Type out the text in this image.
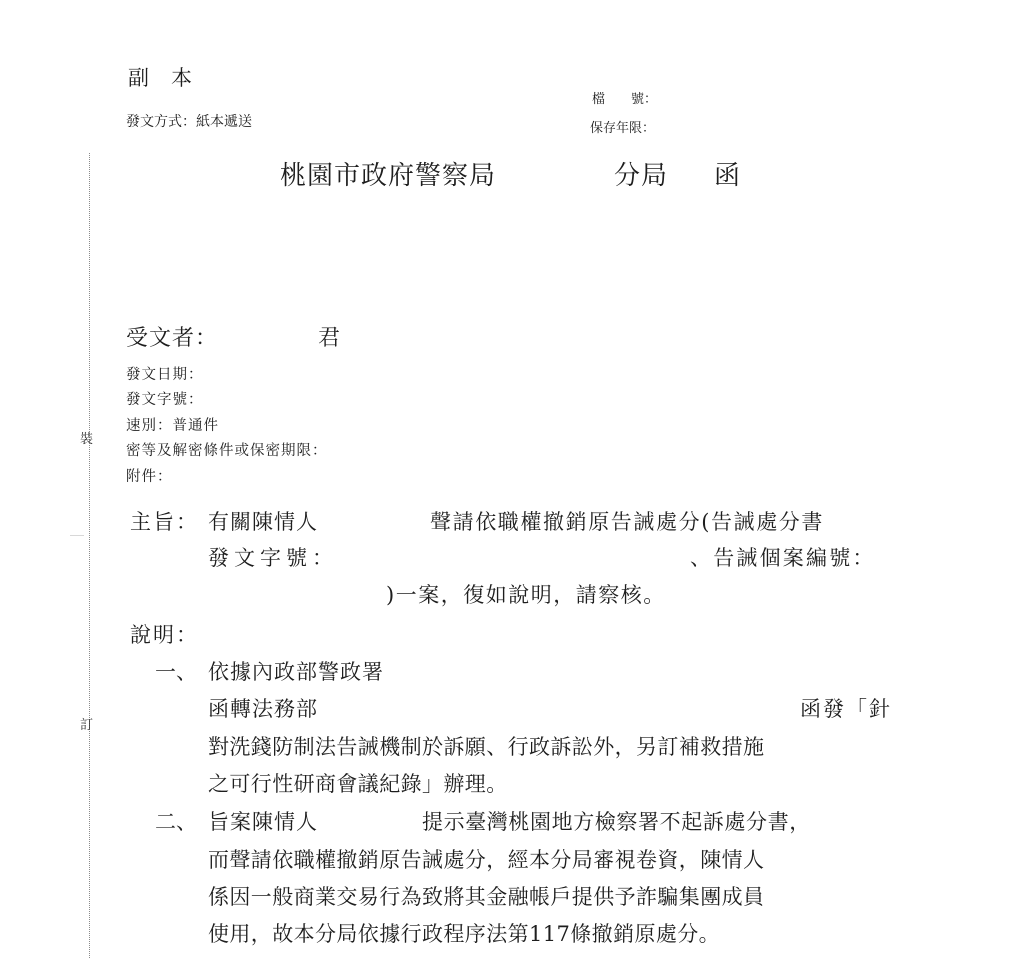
裝
訂
副本
發文方式：紙本遞送
檔  號：
保存年限：
桃園市政府警察局	分局 函
受文者：	君
發文日期：
發文字號：
速別：普通件
密等及解密條件或保密期限：
附件：
主旨： 有關陳情人	聲請依職權撤銷原告誡處分(告誡處分書
發文字號：	、告誡個案編號：
)一案，復如說明，請察核。
說明：
一、 依據內政部警政署
函轉法務部	函發「針
對洗錢防制法告誡機制於訴願、行政訴訟外，另訂補救措施
之可行性研商會議紀錄」辦理。
二、 旨案陳情人	提示臺灣桃園地方檢察署不起訴處分書，
而聲請依職權撤銷原告誡處分，經本分局審視卷資，陳情人
係因一般商業交易行為致將其金融帳戶提供予詐騙集團成員
使用，故本分局依據行政程序法第117條撤銷原處分。
